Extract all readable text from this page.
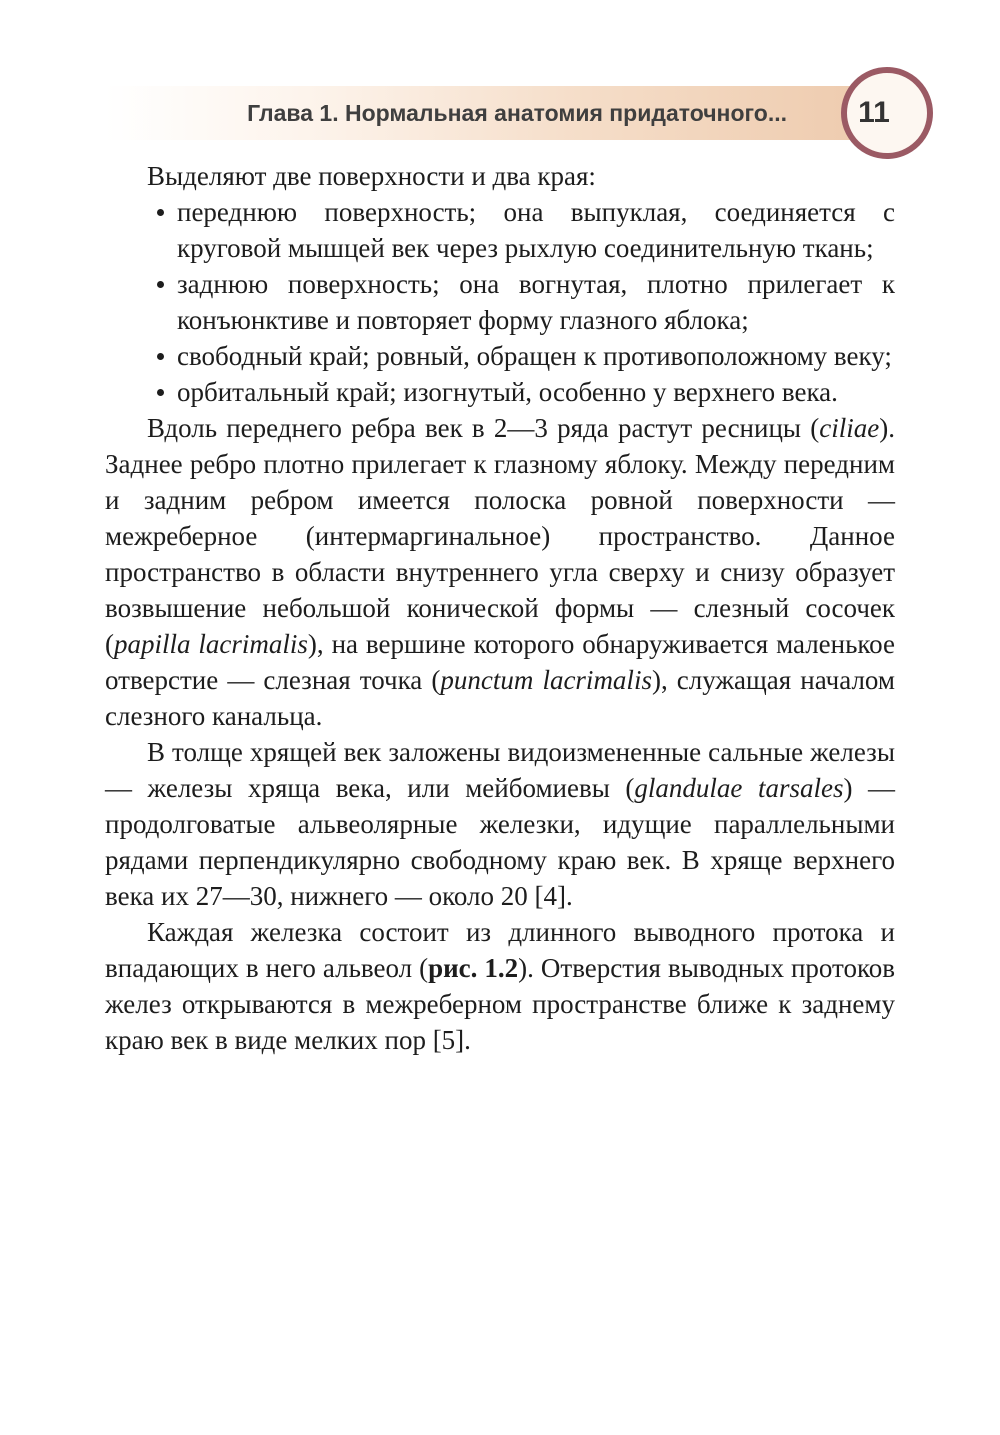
Глава 1. Нормальная анатомия придаточного... 11

Выделяют две поверхности и два края:

переднюю поверхность; она выпуклая, соединяется с круговой мышцей век через рыхлую соединительную ткань;
заднюю поверхность; она вогнутая, плотно прилегает к конъюнктиве и повторяет форму глазного яблока;
свободный край; ровный, обращен к противоположному веку;
орбитальный край; изогнутый, особенно у верхнего века.

Вдоль переднего ребра век в 2—3 ряда растут ресницы (ciliae). Заднее ребро плотно прилегает к глазному яблоку. Между передним и задним ребром имеется полоска ровной поверхности — межреберное (интермаргинальное) пространство. Данное пространство в области внутреннего угла сверху и снизу образует возвышение небольшой конической формы — слезный сосочек (papilla lacrimalis), на вершине которого обнаруживается маленькое отверстие — слезная точка (punctum lacrimalis), служащая началом слезного канальца.

В толще хрящей век заложены видоизмененные сальные железы — железы хряща века, или мейбомиевы (glandulae tarsales) — продолговатые альвеолярные железки, идущие параллельными рядами перпендикулярно свободному краю век. В хряще верхнего века их 27—30, нижнего — около 20 [4].

Каждая железка состоит из длинного выводного протока и впадающих в него альвеол (рис. 1.2). Отверстия выводных протоков желез открываются в межреберном пространстве ближе к заднему краю век в виде мелких пор [5].
